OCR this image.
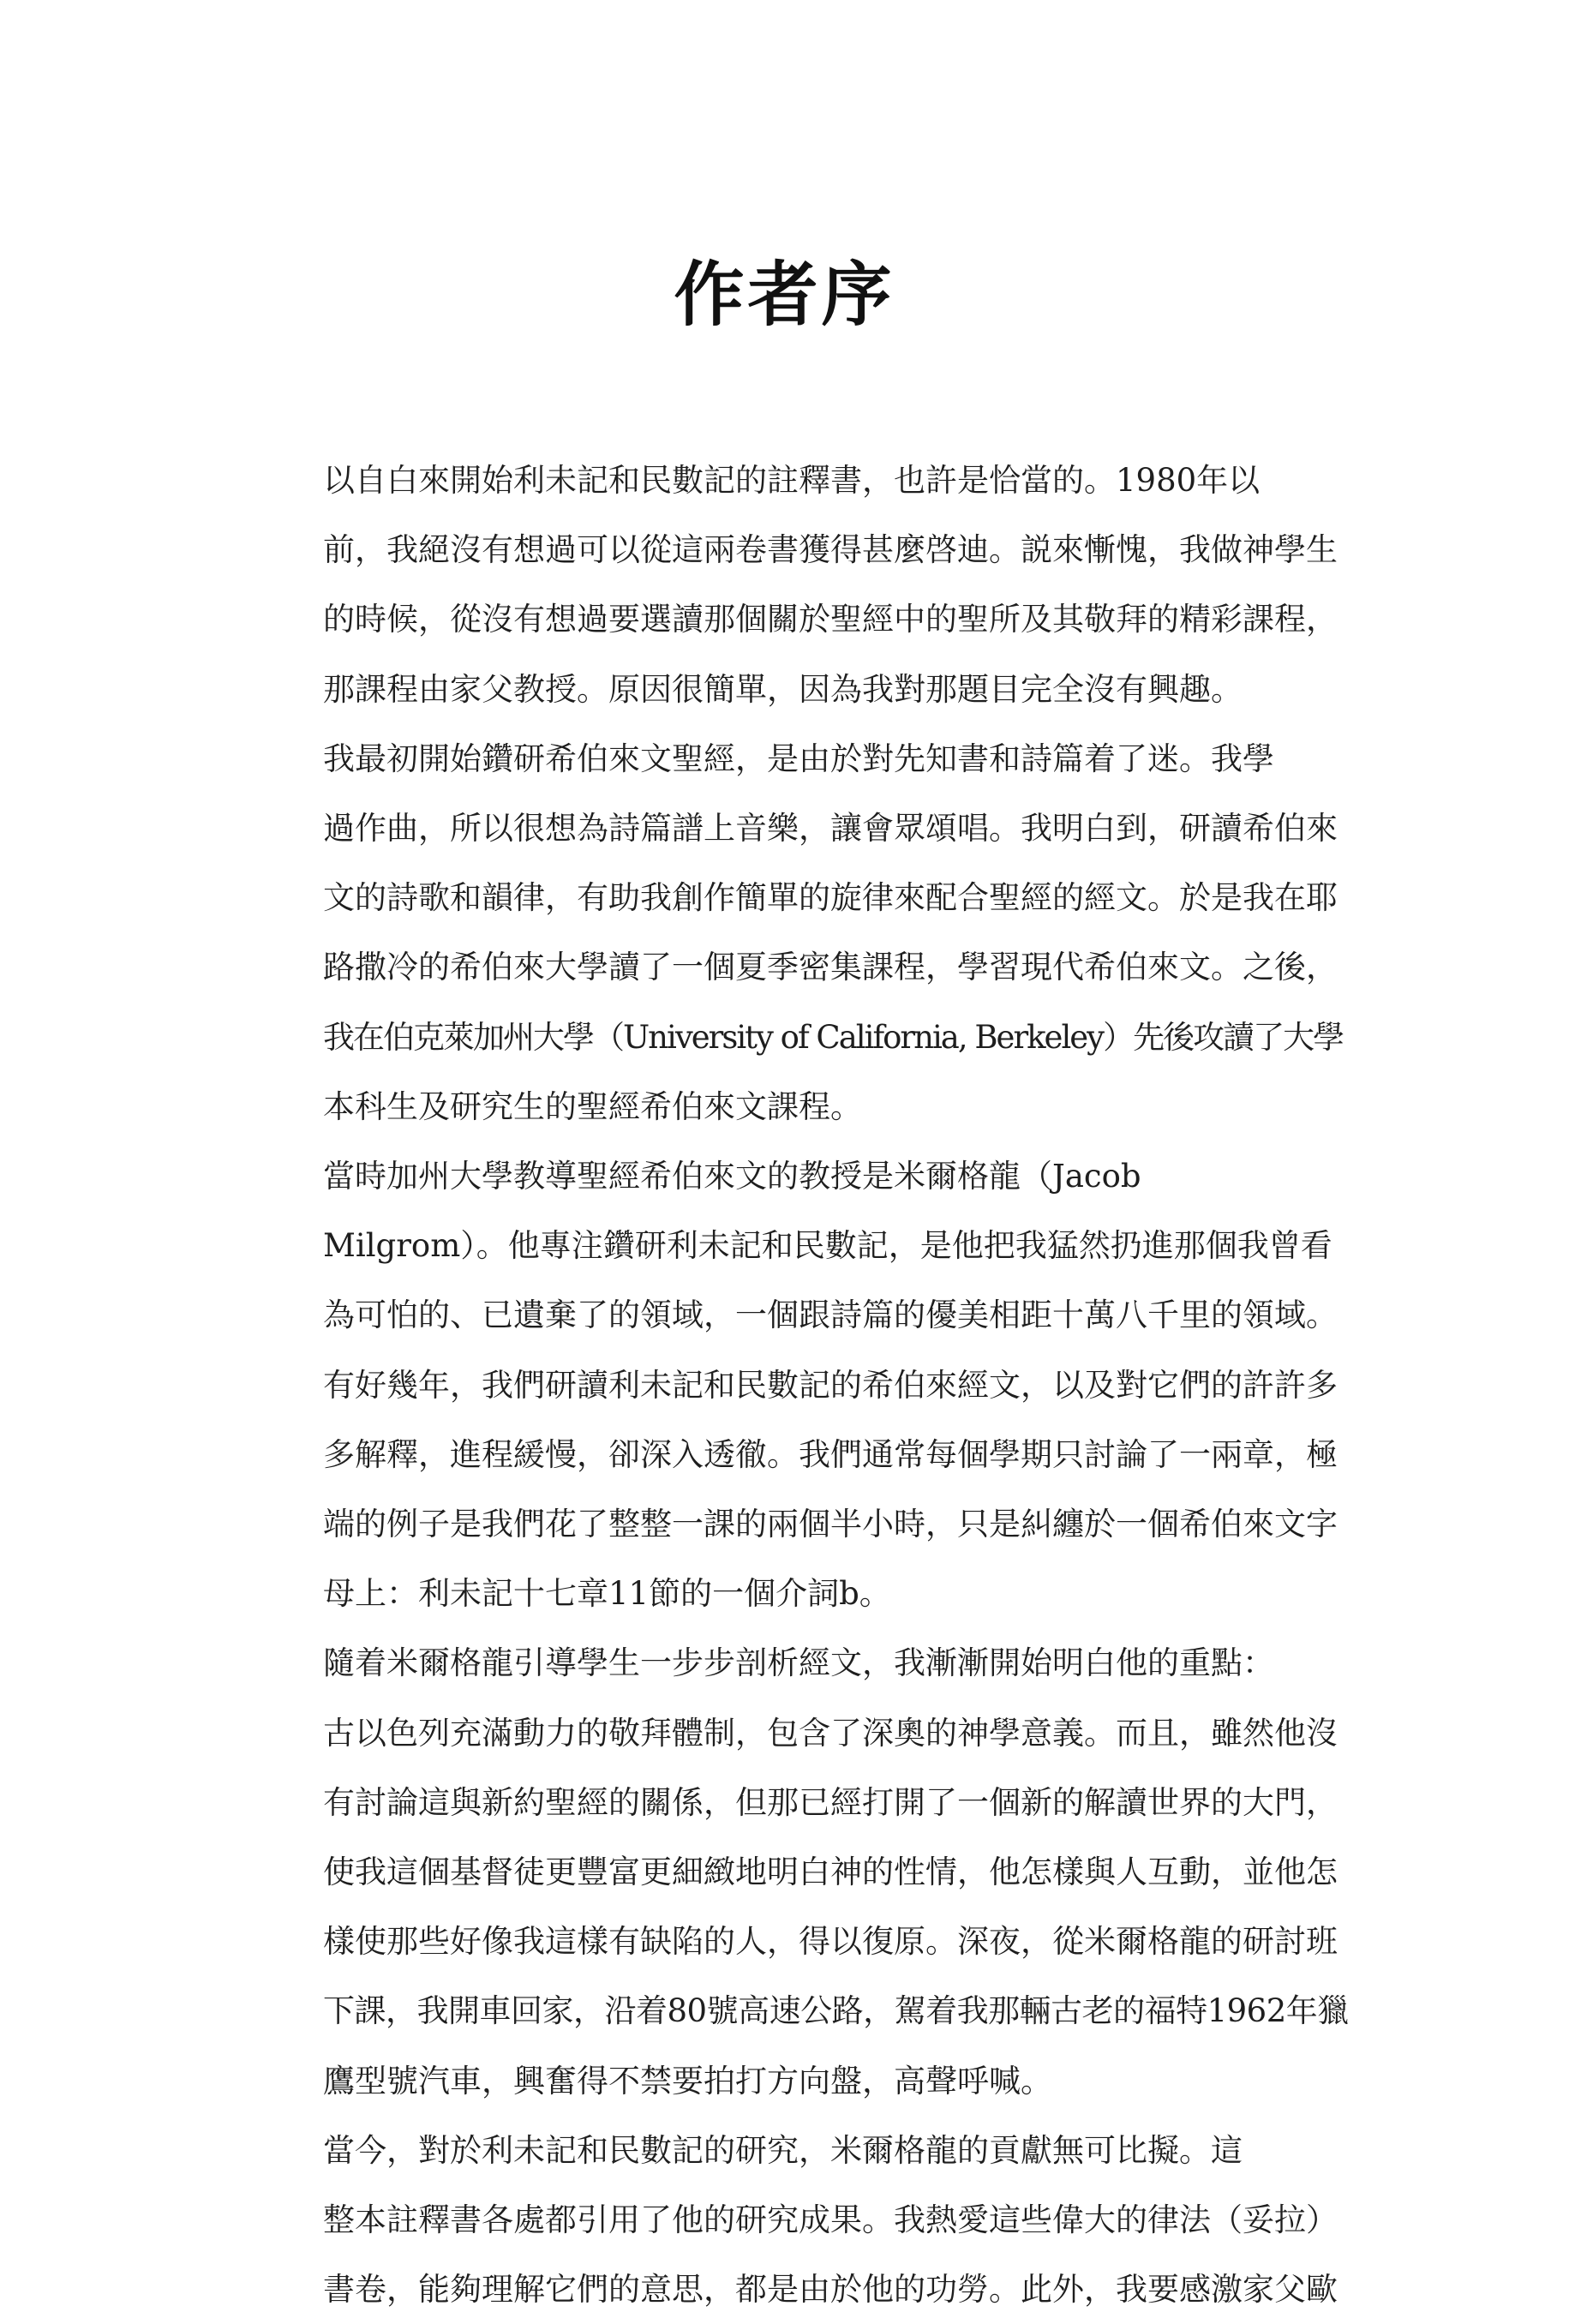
作者序

以自白來開始利未記和民數記的註釋書，也許是恰當的。1980年以
前，我絕沒有想過可以從這兩卷書獲得甚麼啓迪。説來慚愧，我做神學生
的時候，從沒有想過要選讀那個關於聖經中的聖所及其敬拜的精彩課程，
那課程由家父教授。原因很簡單，因為我對那題目完全沒有興趣。

我最初開始鑽研希伯來文聖經，是由於對先知書和詩篇着了迷。我學
過作曲，所以很想為詩篇譜上音樂，讓會眾頌唱。我明白到，研讀希伯來
文的詩歌和韻律，有助我創作簡單的旋律來配合聖經的經文。於是我在耶
路撒冷的希伯來大學讀了一個夏季密集課程，學習現代希伯來文。之後，
我在伯克萊加州大學（University of California, Berkeley）先後攻讀了大學
本科生及研究生的聖經希伯來文課程。

當時加州大學教導聖經希伯來文的教授是米爾格龍（Jacob
Milgrom）。他專注鑽研利未記和民數記，是他把我猛然扔進那個我曾看
為可怕的、已遺棄了的領域，一個跟詩篇的優美相距十萬八千里的領域。
有好幾年，我們研讀利未記和民數記的希伯來經文，以及對它們的許許多
多解釋，進程緩慢，卻深入透徹。我們通常每個學期只討論了一兩章，極
端的例子是我們花了整整一課的兩個半小時，只是糾纏於一個希伯來文字
母上：利未記十七章11節的一個介詞b。

隨着米爾格龍引導學生一步步剖析經文，我漸漸開始明白他的重點：
古以色列充滿動力的敬拜體制，包含了深奧的神學意義。而且，雖然他沒
有討論這與新約聖經的關係，但那已經打開了一個新的解讀世界的大門，
使我這個基督徒更豐富更細緻地明白神的性情，他怎樣與人互動，並他怎
樣使那些好像我這樣有缺陷的人，得以復原。深夜，從米爾格龍的研討班
下課，我開車回家，沿着80號高速公路，駕着我那輛古老的福特1962年獵
鷹型號汽車，興奮得不禁要拍打方向盤，高聲呼喊。

當今，對於利未記和民數記的研究，米爾格龍的貢獻無可比擬。這
整本註釋書各處都引用了他的研究成果。我熱愛這些偉大的律法（妥拉）
書卷，能夠理解它們的意思，都是由於他的功勞。此外，我要感激家父歐
